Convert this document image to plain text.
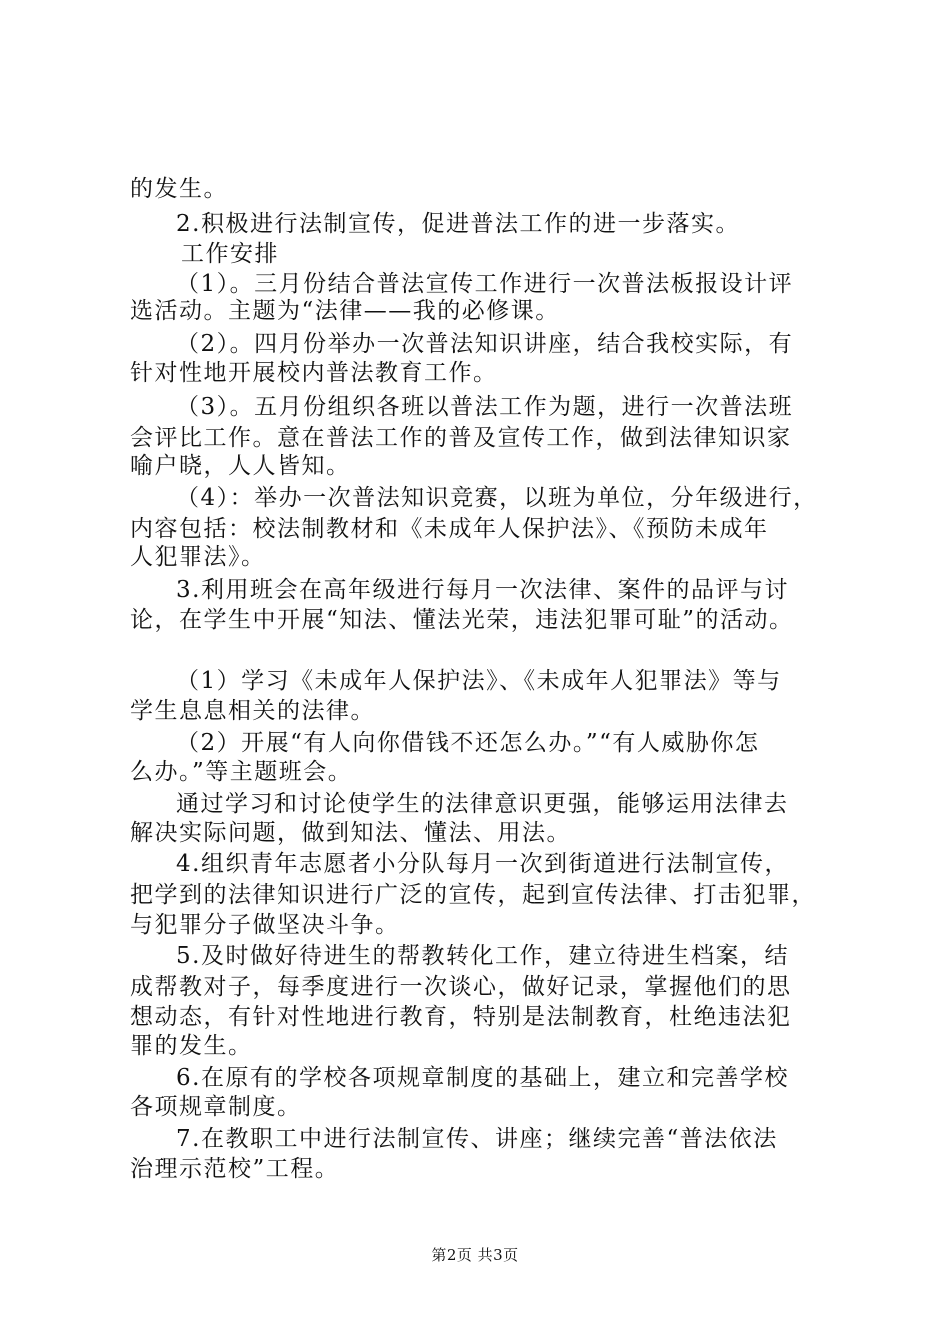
的发生。
2.积极进行法制宣传，促进普法工作的进一步落实。
工作安排
（1）。三月份结合普法宣传工作进行一次普法板报设计评
选活动。主题为“法律——我的必修课。
（2）。四月份举办一次普法知识讲座，结合我校实际，有
针对性地开展校内普法教育工作。
（3）。五月份组织各班以普法工作为题，进行一次普法班
会评比工作。意在普法工作的普及宣传工作，做到法律知识家
喻户晓，人人皆知。
（4）：举办一次普法知识竞赛，以班为单位，分年级进行，
内容包括：校法制教材和《未成年人保护法》、《预防未成年
人犯罪法》。
3.利用班会在高年级进行每月一次法律、案件的品评与讨
论，在学生中开展“知法、懂法光荣，违法犯罪可耻”的活动。
（1）学习《未成年人保护法》、《未成年人犯罪法》等与
学生息息相关的法律。
（2）开展“有人向你借钱不还怎么办。”“有人威胁你怎
么办。”等主题班会。
通过学习和讨论使学生的法律意识更强，能够运用法律去
解决实际问题，做到知法、懂法、用法。
4.组织青年志愿者小分队每月一次到街道进行法制宣传，
把学到的法律知识进行广泛的宣传，起到宣传法律、打击犯罪，
与犯罪分子做坚决斗争。
5.及时做好待进生的帮教转化工作，建立待进生档案，结
成帮教对子，每季度进行一次谈心，做好记录，掌握他们的思
想动态，有针对性地进行教育，特别是法制教育，杜绝违法犯
罪的发生。
6.在原有的学校各项规章制度的基础上，建立和完善学校
各项规章制度。
7.在教职工中进行法制宣传、讲座；继续完善“普法依法
治理示范校”工程。
第2页 共3页
